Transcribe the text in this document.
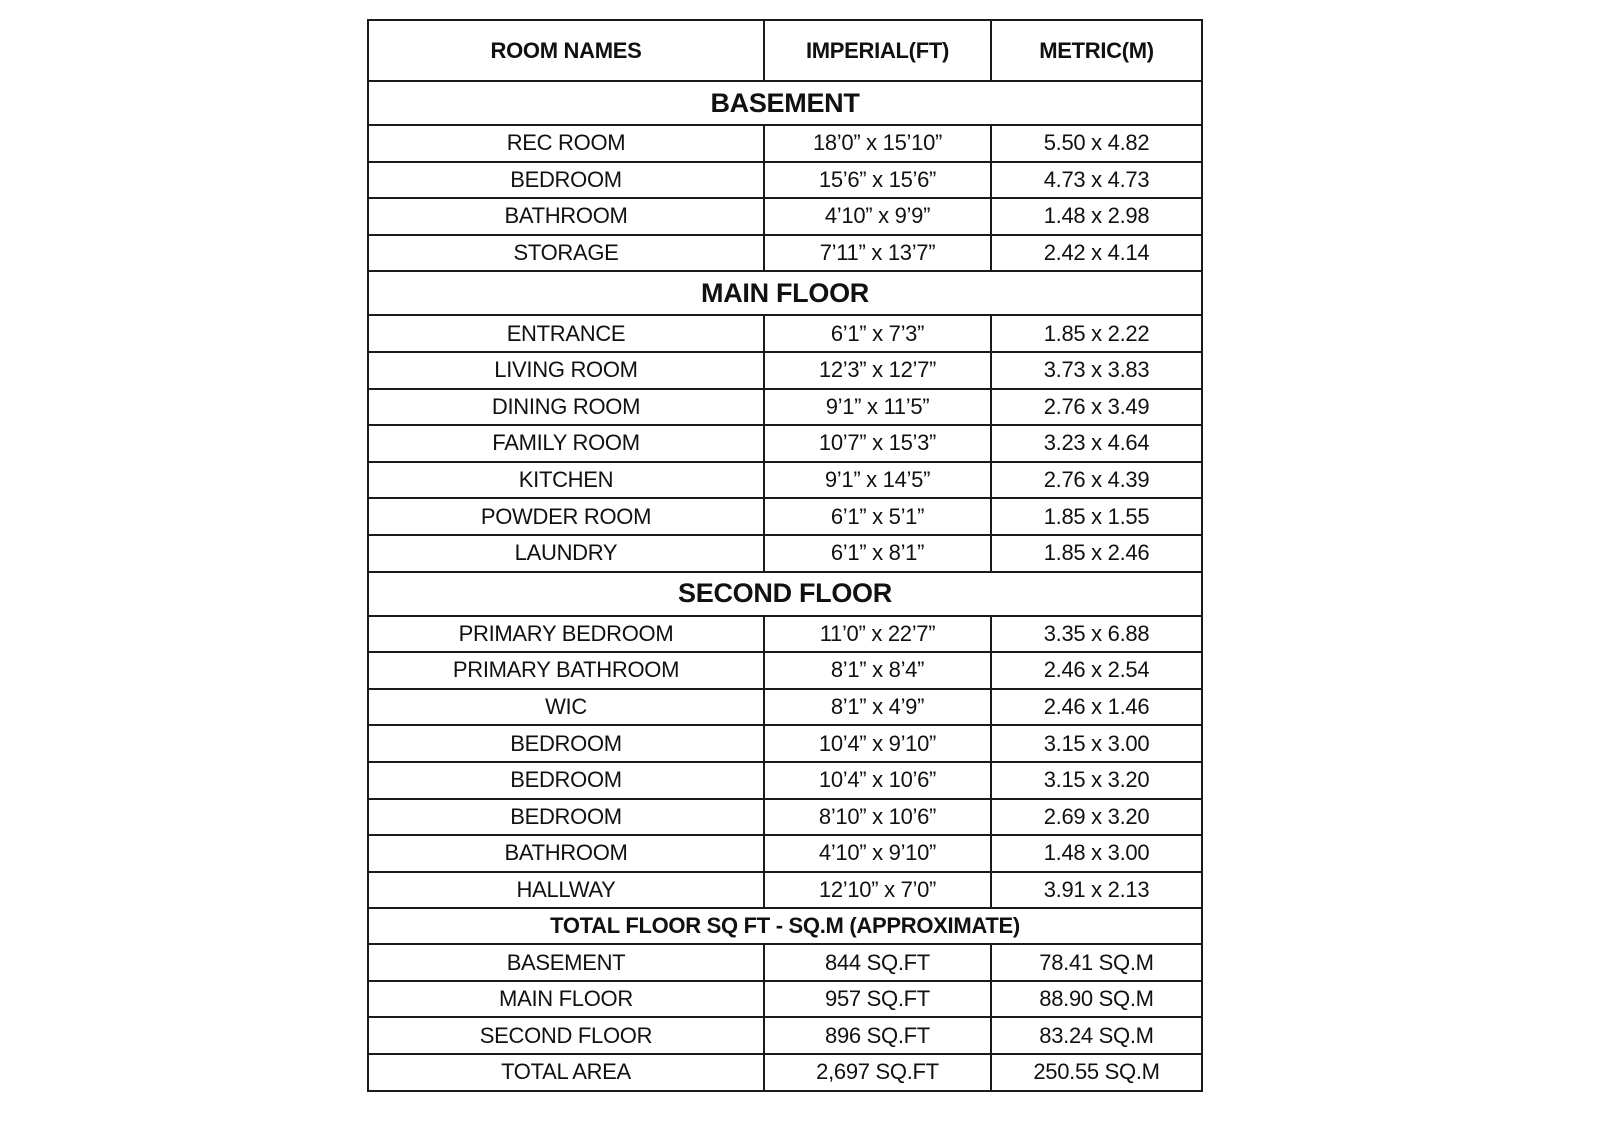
ROOM NAMES	IMPERIAL(FT)	METRIC(M)
BASEMENT		
REC ROOM	18’0” x 15’10”	5.50 x 4.82
BEDROOM	15’6” x 15’6”	4.73 x 4.73
BATHROOM	4’10” x 9’9”	1.48 x 2.98
STORAGE	7’11” x 13’7”	2.42 x 4.14
MAIN FLOOR		
ENTRANCE	6’1” x 7’3”	1.85 x 2.22
LIVING ROOM	12’3” x 12’7”	3.73 x 3.83
DINING ROOM	9’1” x 11’5”	2.76 x 3.49
FAMILY ROOM	10’7” x 15’3”	3.23 x 4.64
KITCHEN	9’1” x 14’5”	2.76 x 4.39
POWDER ROOM	6’1” x 5’1”	1.85 x 1.55
LAUNDRY	6’1” x 8’1”	1.85 x 2.46
SECOND FLOOR		
PRIMARY BEDROOM	11’0” x 22’7”	3.35 x 6.88
PRIMARY BATHROOM	8’1” x 8’4”	2.46 x 2.54
WIC	8’1” x 4’9”	2.46 x 1.46
BEDROOM	10’4” x 9’10”	3.15 x 3.00
BEDROOM	10’4” x 10’6”	3.15 x 3.20
BEDROOM	8’10” x 10’6”	2.69 x 3.20
BATHROOM	4’10” x 9’10”	1.48 x 3.00
HALLWAY	12’10” x 7’0”	3.91 x 2.13
TOTAL FLOOR SQ FT - SQ.M (APPROXIMATE)		
BASEMENT	844 SQ.FT	78.41 SQ.M
MAIN FLOOR	957 SQ.FT	88.90 SQ.M
SECOND FLOOR	896 SQ.FT	83.24 SQ.M
TOTAL AREA	2,697 SQ.FT	250.55 SQ.M
